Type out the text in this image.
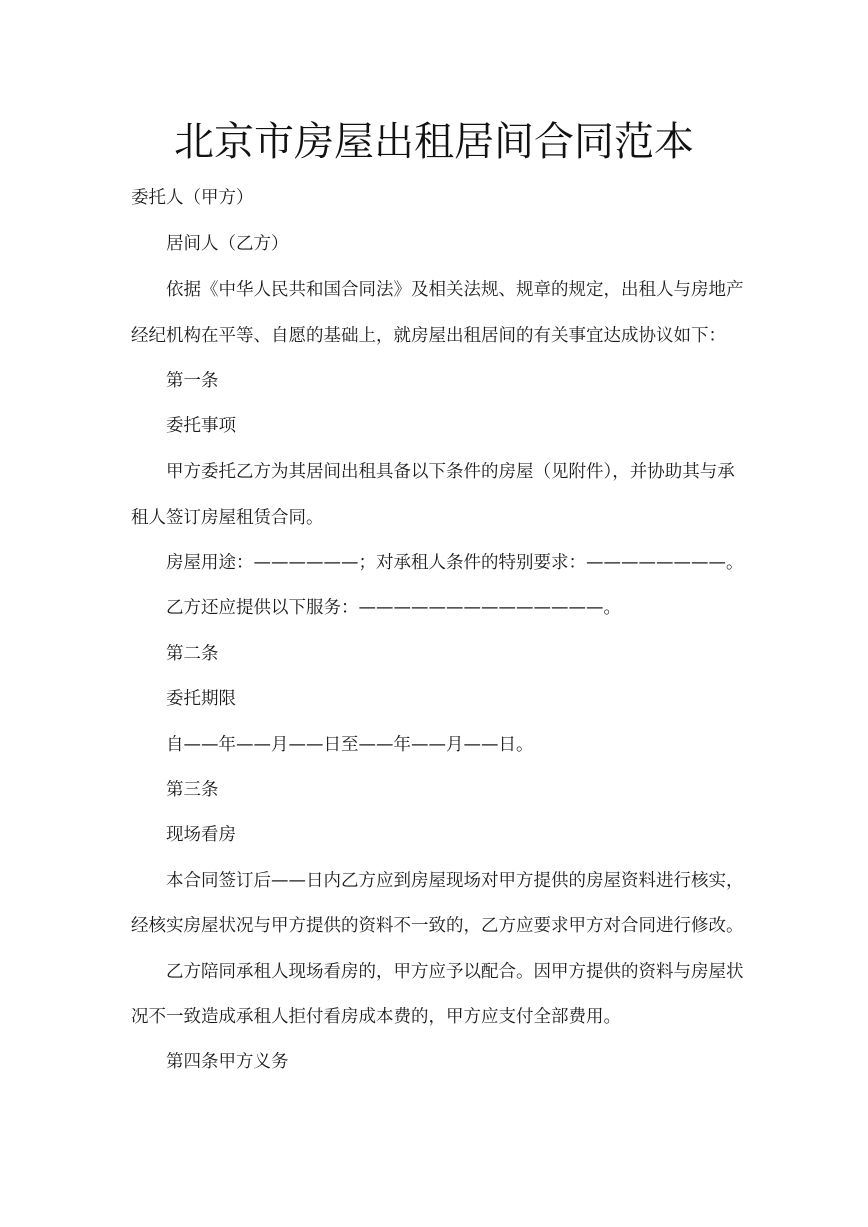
北京市房屋出租居间合同范本
委托人（甲方）
居间人（乙方）
依据《中华人民共和国合同法》及相关法规、规章的规定，出租人与房地产
经纪机构在平等、自愿的基础上，就房屋出租居间的有关事宜达成协议如下：
第一条
委托事项
甲方委托乙方为其居间出租具备以下条件的房屋（见附件），并协助其与承
租人签订房屋租赁合同。
房屋用途：——————；对承租人条件的特别要求：————————。
乙方还应提供以下服务：——————————————。
第二条
委托期限
自——年——月——日至——年——月——日。
第三条
现场看房
本合同签订后——日内乙方应到房屋现场对甲方提供的房屋资料进行核实，
经核实房屋状况与甲方提供的资料不一致的，乙方应要求甲方对合同进行修改。
乙方陪同承租人现场看房的，甲方应予以配合。因甲方提供的资料与房屋状
况不一致造成承租人拒付看房成本费的，甲方应支付全部费用。
第四条甲方义务
